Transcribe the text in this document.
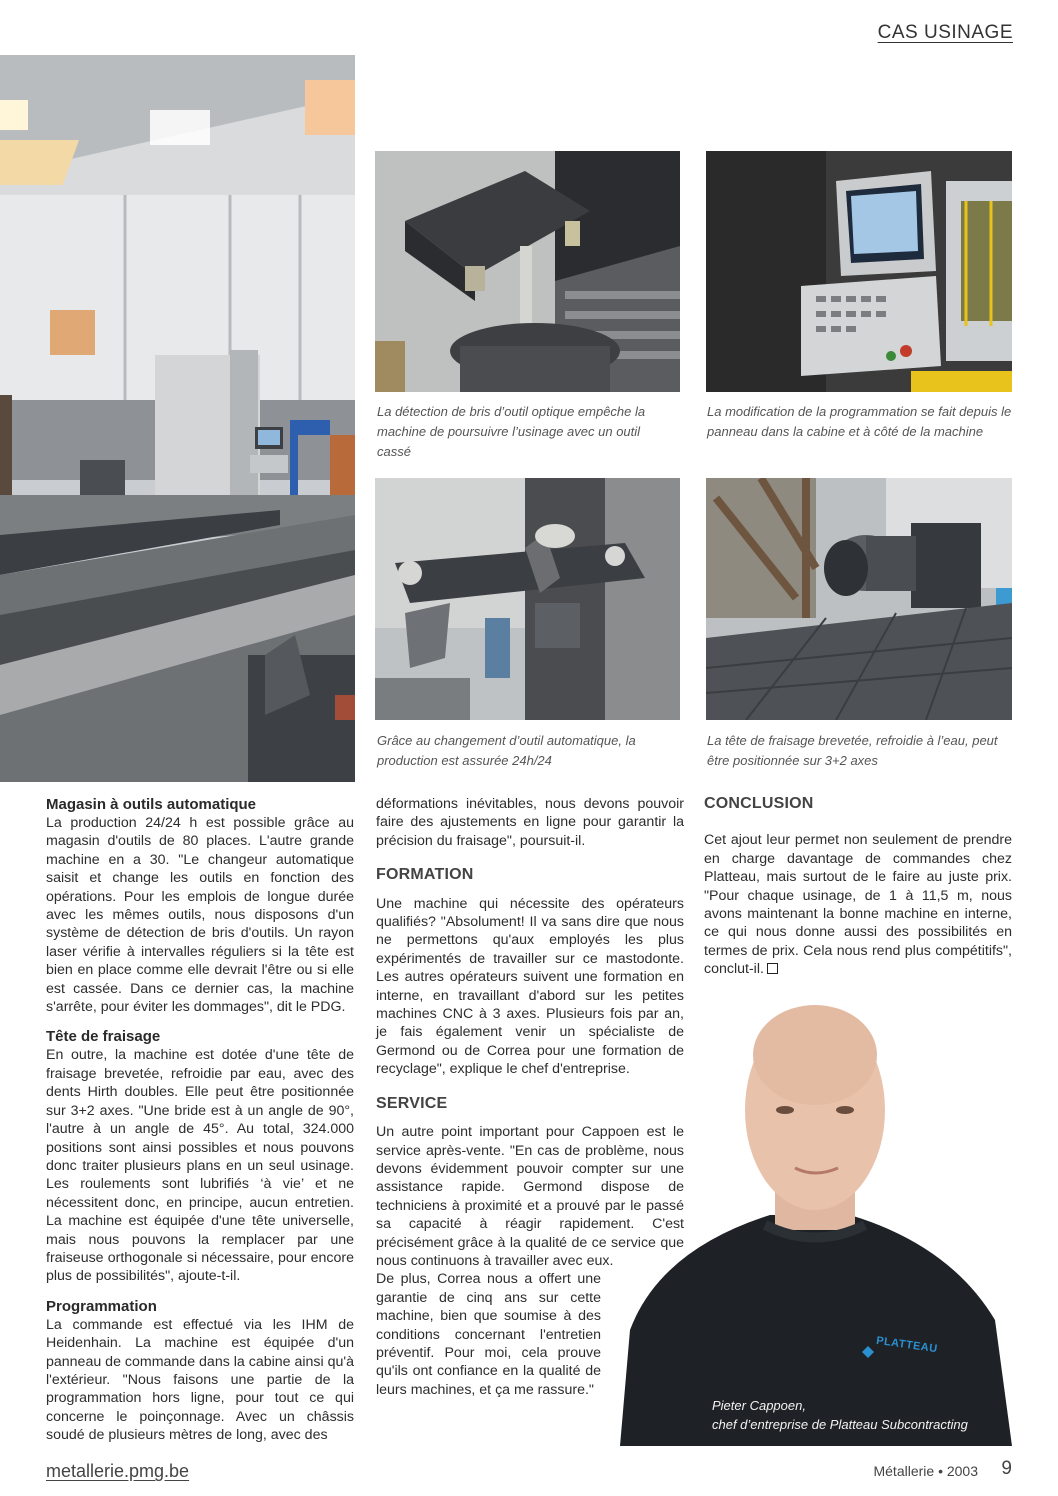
CAS USINAGE
La détection de bris d’outil optique empêche la machine de poursuivre l’usinage avec un outil cassé
La modification de la programmation se fait depuis le panneau dans la cabine et à côté de la machine
Grâce au changement d’outil automatique, la production est assurée 24h/24
La tête de fraisage brevetée, refroidie à l’eau, peut être positionnée sur 3+2 axes

Magasin à outils automatique

La production 24/24 h est possible grâce au magasin d'outils de 80 places. L'autre grande machine en a 30. "Le changeur automatique saisit et change les outils en fonction des opérations. Pour les emplois de longue durée avec les mêmes outils, nous disposons d'un système de détection de bris d'outils. Un rayon laser vérifie à intervalles réguliers si la tête est bien en place comme elle devrait l'être ou si elle est cassée. Dans ce dernier cas, la machine s'arrête, pour éviter les dommages", dit le PDG.

Tête de fraisage

En outre, la machine est dotée d'une tête de fraisage brevetée, refroidie par eau, avec des dents Hirth doubles. Elle peut être positionnée sur 3+2 axes. "Une bride est à un angle de 90°, l'autre à un angle de 45°. Au total, 324.000 positions sont ainsi possibles et nous pouvons donc traiter plusieurs plans en un seul usinage. Les roulements sont lubrifiés ‘à vie’ et ne nécessitent donc, en principe, aucun entretien. La machine est équipée d'une tête universelle, mais nous pouvons la remplacer par une fraiseuse orthogonale si nécessaire, pour encore plus de possibilités", ajoute-t-il.

Programmation

La commande est effectué via les IHM de Heidenhain. La machine est équipée d'un panneau de commande dans la cabine ainsi qu'à l'extérieur. "Nous faisons une partie de la programmation hors ligne, pour tout ce qui concerne le poinçonnage. Avec un châssis soudé de plusieurs mètres de long, avec des

déformations inévitables, nous devons pouvoir faire des ajustements en ligne pour garantir la précision du fraisage", poursuit-il.

FORMATION

Une machine qui nécessite des opérateurs qualifiés? "Absolument! Il va sans dire que nous ne permettons qu'aux employés les plus expérimentés de travailler sur ce mastodonte. Les autres opérateurs suivent une formation en interne, en travaillant d'abord sur les petites machines CNC à 3 axes. Plusieurs fois par an, je fais également venir un spécialiste de Germond ou de Correa pour une formation de recyclage", explique le chef d'entreprise.

SERVICE

Un autre point important pour Cappoen est le service après-vente. "En cas de problème, nous devons évidemment pouvoir compter sur une assistance rapide. Germond dispose de techniciens à proximité et a prouvé par le passé sa capacité à réagir rapidement. C'est précisément grâce à la qualité de ce service que nous continuons à travailler avec eux.

De plus, Correa nous a offert une garantie de cinq ans sur cette machine, bien que soumise à des conditions concernant l'entretien préventif. Pour moi, cela prouve qu'ils ont confiance en la qualité de leurs machines, et ça me rassure."

CONCLUSION

Cet ajout leur permet non seulement de prendre en charge davantage de commandes chez Platteau, mais surtout de le faire au juste prix. "Pour chaque usinage, de 1 à 11,5 m, nous avons maintenant la bonne machine en interne, ce qui nous donne aussi des possibilités en termes de prix. Cela nous rend plus compétitifs", conclut-il.

PLATTEAU
Pieter Cappoen,
chef d’entreprise de Platteau Subcontracting
metallerie.pmg.be	Métallerie • 2003 9
